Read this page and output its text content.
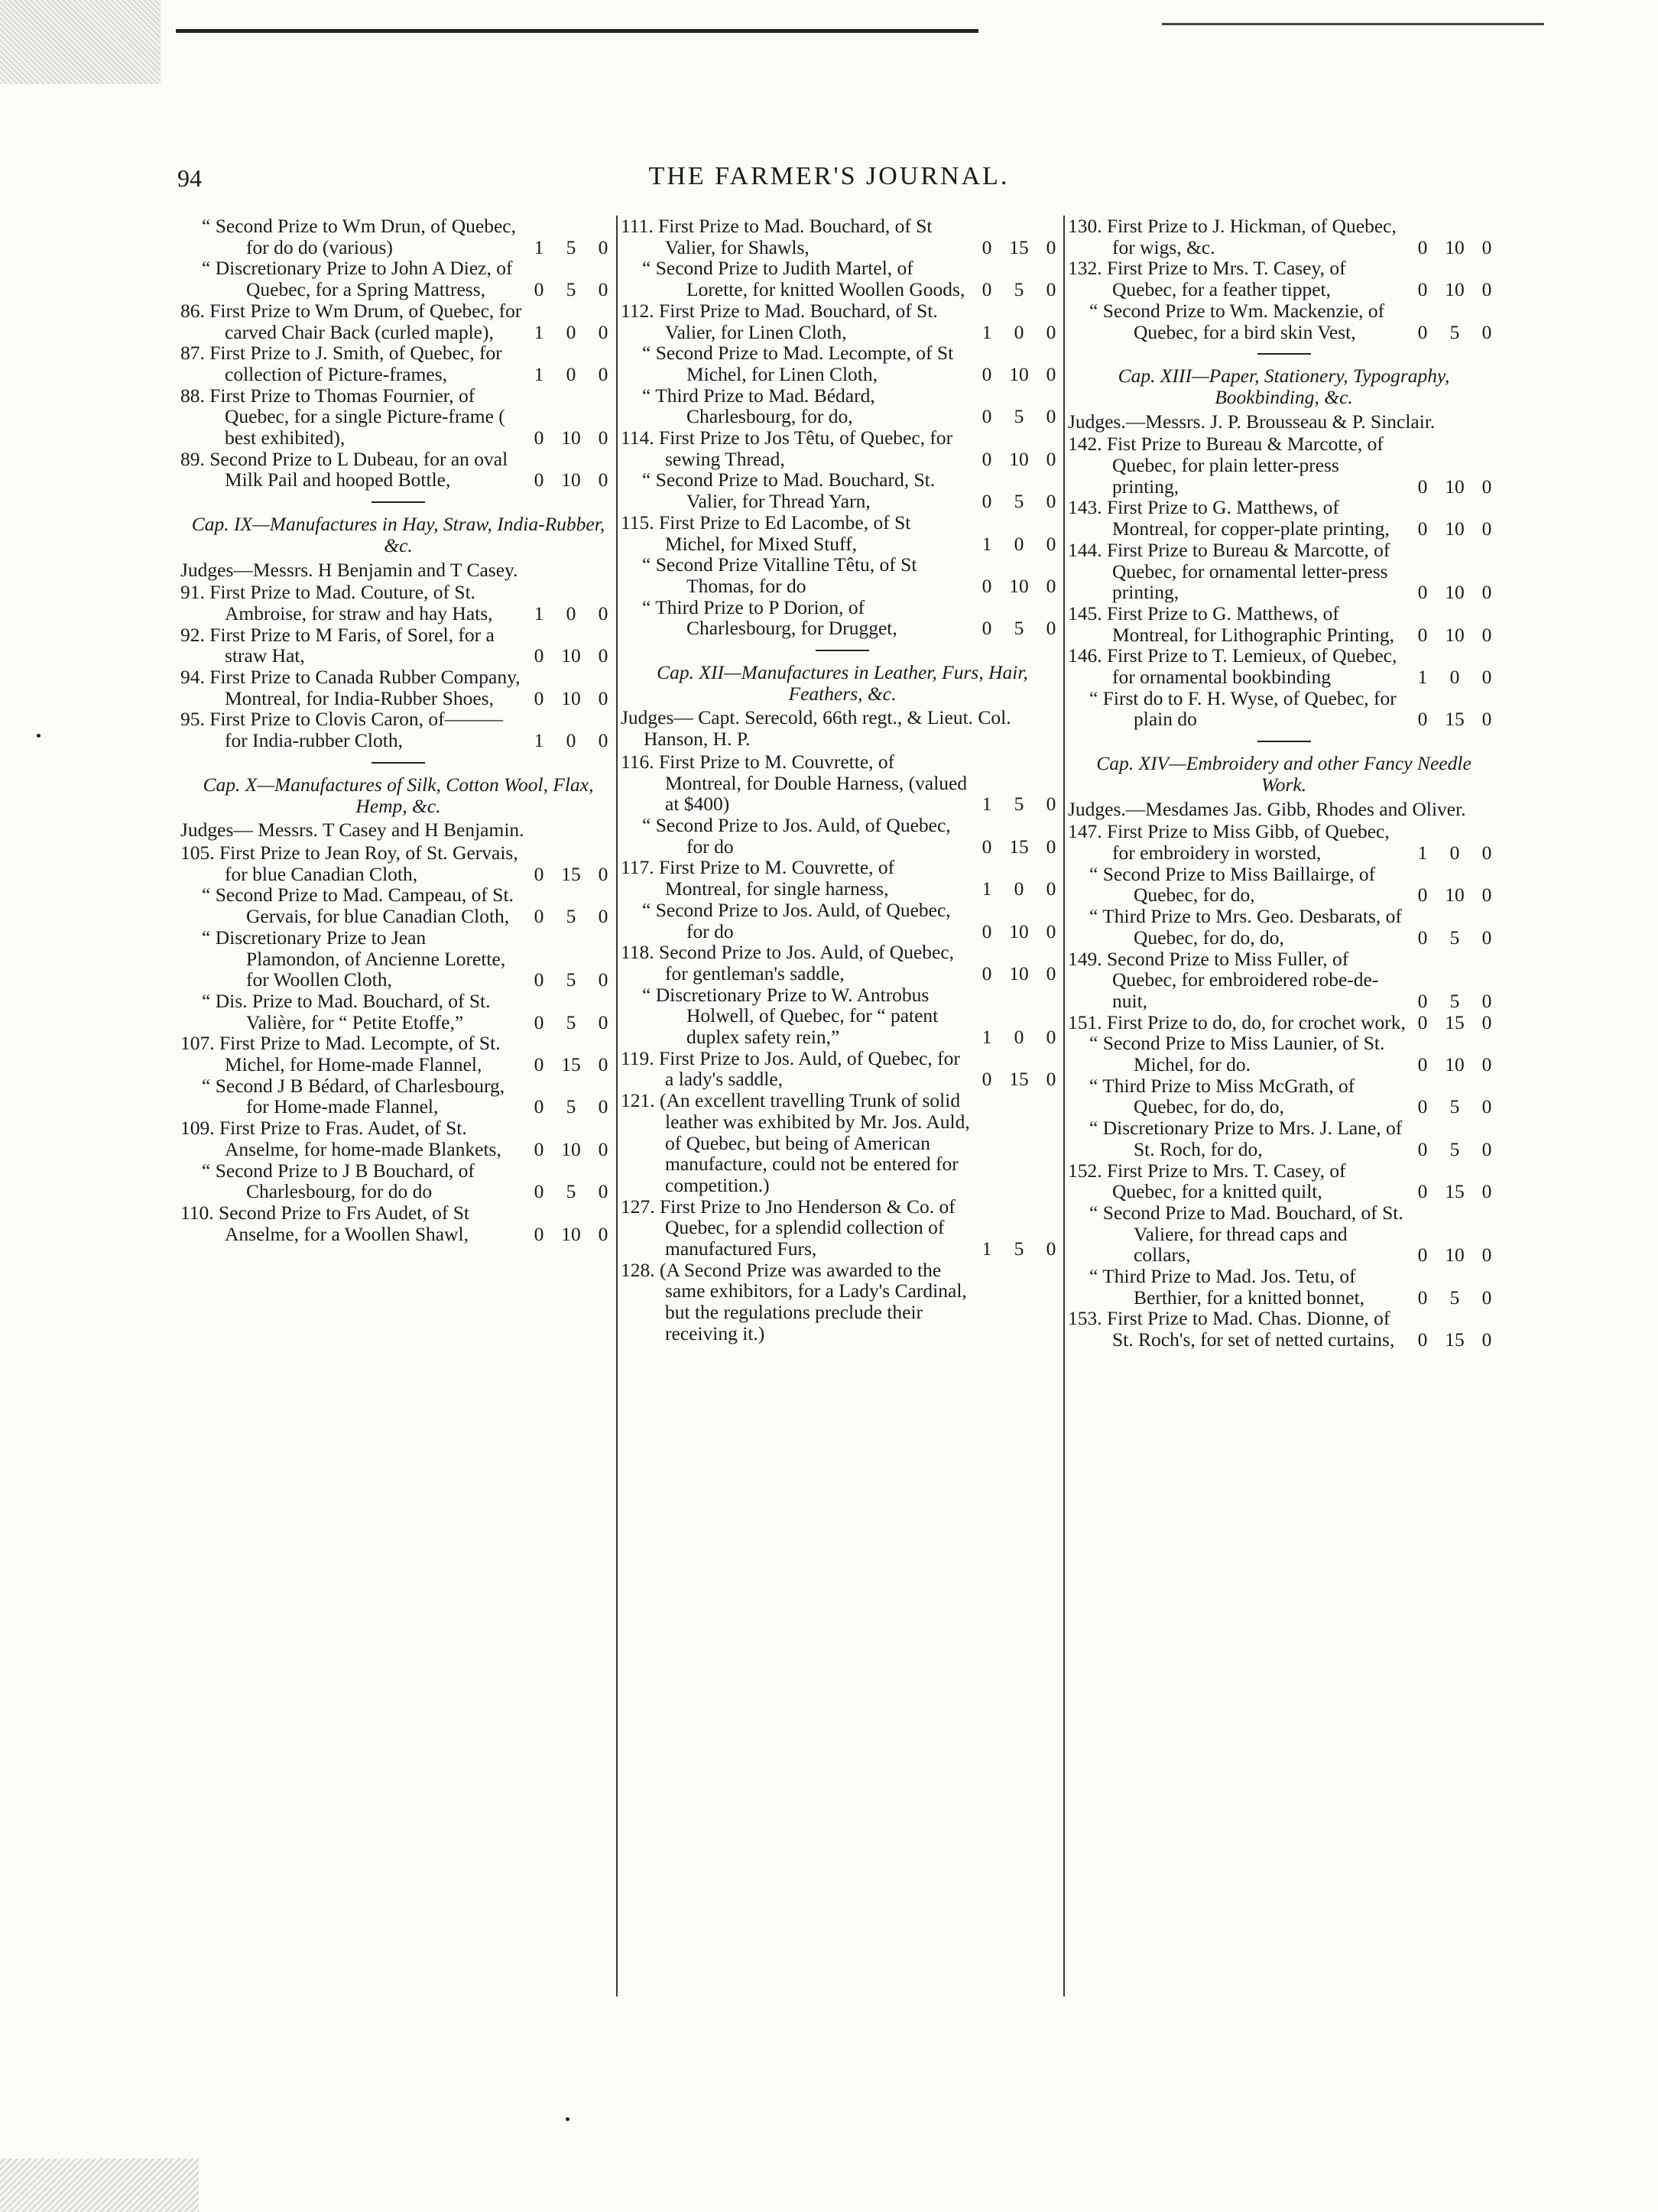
94	THE FARMER'S JOURNAL.
“ Second Prize to Wm Drun, of Quebec, for do do (various)	1	5	0
“ Discretionary Prize to John A Diez, of Quebec, for a Spring Mattress,	0	5	0
86. First Prize to Wm Drum, of Quebec, for carved Chair Back (curled maple),	1	0	0
87. First Prize to J. Smith, of Quebec, for collection of Picture-frames,	1	0	0
88. First Prize to Thomas Fournier, of Quebec, for a single Picture-frame ( best exhibited),	0 10 0
89. Second Prize to L Dubeau, for an oval Milk Pail and hooped Bottle,	0 10 0
Cap. IX—Manufactures in Hay, Straw, India-Rubber, &c.
Judges—Messrs. H Benjamin and T Casey.
91. First Prize to Mad. Couture, of St. Ambroise, for straw and hay Hats,	1	0	0
92. First Prize to M Faris, of Sorel, for a straw Hat,	0 10 0
94. First Prize to Canada Rubber Company, Montreal, for India-Rubber Shoes,	0 10 0
95. First Prize to Clovis Caron, of———for India-rubber Cloth,	1	0	0
Cap. X—Manufactures of Silk, Cotton Wool, Flax, Hemp, &c.
Judges— Messrs. T Casey and H Benjamin.
105. First Prize to Jean Roy, of St. Gervais, for blue Canadian Cloth,	0 15 0
“ Second Prize to Mad. Campeau, of St. Gervais, for blue Canadian Cloth,	0	5	0
“ Discretionary Prize to Jean Plamondon, of Ancienne Lorette, for Woollen Cloth,	0	5	0
“ Dis. Prize to Mad. Bouchard, of St. Valière, for “ Petite Etoffe,”	0	5	0
107. First Prize to Mad. Lecompte, of St. Michel, for Home-made Flannel,	0 15 0
“ Second J B Bédard, of Charlesbourg, for Home-made Flannel,	0	5	0
109. First Prize to Fras. Audet, of St. Anselme, for home-made Blankets,	0 10 0
“ Second Prize to J B Bouchard, of Charlesbourg, for do do	0	5	0
110. Second Prize to Frs Audet, of St Anselme, for a Woollen Shawl,	0 10 0
111. First Prize to Mad. Bouchard, of St Valier, for Shawls,	0 15 0
“ Second Prize to Judith Martel, of Lorette, for knitted Woollen Goods, 0	5	0
112. First Prize to Mad. Bouchard, of St. Valier, for Linen Cloth,	1	0	0
“ Second Prize to Mad. Lecompte, of St Michel, for Linen Cloth,	0 10 0
“ Third Prize to Mad. Bédard, Charlesbourg, for do,	0	5	0
114. First Prize to Jos Têtu, of Quebec, for sewing Thread,	0 10 0
“ Second Prize to Mad. Bouchard, St. Valier, for Thread Yarn,	0	5	0
115. First Prize to Ed Lacombe, of St Michel, for Mixed Stuff,	1	0	0
“ Second Prize Vitalline Têtu, of St Thomas, for do	0 10 0
“ Third Prize to P Dorion, of Charlesbourg, for Drugget,	0	5	0
Cap. XII—Manufactures in Leather, Furs, Hair, Feathers, &c.
Judges— Capt. Serecold, 66th regt., & Lieut. Col. Hanson, H. P.
116. First Prize to M. Couvrette, of Montreal, for Double Harness, (valued at $400)	1	5	0
“ Second Prize to Jos. Auld, of Quebec, for do	0 15 0
117. First Prize to M. Couvrette, of Montreal, for single harness,	1	0	0
“ Second Prize to Jos. Auld, of Quebec, for do	0 10 0
118. Second Prize to Jos. Auld, of Quebec, for gentleman's saddle,	0 10 0
“ Discretionary Prize to W. Antrobus Holwell, of Quebec, for “ patent duplex safety rein,”	1	0	0
119. First Prize to Jos. Auld, of Quebec, for a lady's saddle,	0 15 0
121. (An excellent travelling Trunk of solid leather was exhibited by Mr. Jos. Auld, of Quebec, but being of American manufacture, could not be entered for competition.)
127. First Prize to Jno Henderson & Co. of Quebec, for a splendid collection of manufactured Furs,	1	5	0
128. (A Second Prize was awarded to the same exhibitors, for a Lady's Cardinal, but the regulations preclude their receiving it.)
130. First Prize to J. Hickman, of Quebec, for wigs, &c.	0 10 0
132. First Prize to Mrs. T. Casey, of Quebec, for a feather tippet,	0 10 0
“ Second Prize to Wm. Mackenzie, of Quebec, for a bird skin Vest,	0	5	0
Cap. XIII—Paper, Stationery, Typography, Bookbinding, &c.
Judges.—Messrs. J. P. Brousseau & P. Sinclair.
142. Fist Prize to Bureau & Marcotte, of Quebec, for plain letter-press printing,	0 10 0
143. First Prize to G. Matthews, of Montreal, for copper-plate printing,	0 10 0
144. First Prize to Bureau & Marcotte, of Quebec, for ornamental letter-press printing,	0 10 0
145. First Prize to G. Matthews, of Montreal, for Lithographic Printing,	0 10 0
146. First Prize to T. Lemieux, of Quebec, for ornamental bookbinding	1	0	0
“ First do to F. H. Wyse, of Quebec, for plain do	0 15 0
Cap. XIV—Embroidery and other Fancy Needle Work.
Judges.—Mesdames Jas. Gibb, Rhodes and Oliver.
147. First Prize to Miss Gibb, of Quebec, for embroidery in worsted,	1	0	0
“ Second Prize to Miss Baillairge, of Quebec, for do,	0 10 0
“ Third Prize to Mrs. Geo. Desbarats, of Quebec, for do, do,	0	5	0
149. Second Prize to Miss Fuller, of Quebec, for embroidered robe-de-nuit,	0	5	0
151. First Prize to do, do, for crochet work, 0 15 0
“ Second Prize to Miss Launier, of St. Michel, for do.	0 10 0
“ Third Prize to Miss McGrath, of Quebec, for do, do,	0	5	0
“ Discretionary Prize to Mrs. J. Lane, of St. Roch, for do,	0	5	0
152. First Prize to Mrs. T. Casey, of Quebec, for a knitted quilt,	0 15 0
“ Second Prize to Mad. Bouchard, of St. Valiere, for thread caps and collars,	0 10 0
“ Third Prize to Mad. Jos. Tetu, of Berthier, for a knitted bonnet,	0	5	0
153. First Prize to Mad. Chas. Dionne, of St. Roch's, for set of netted curtains,	0 15 0
